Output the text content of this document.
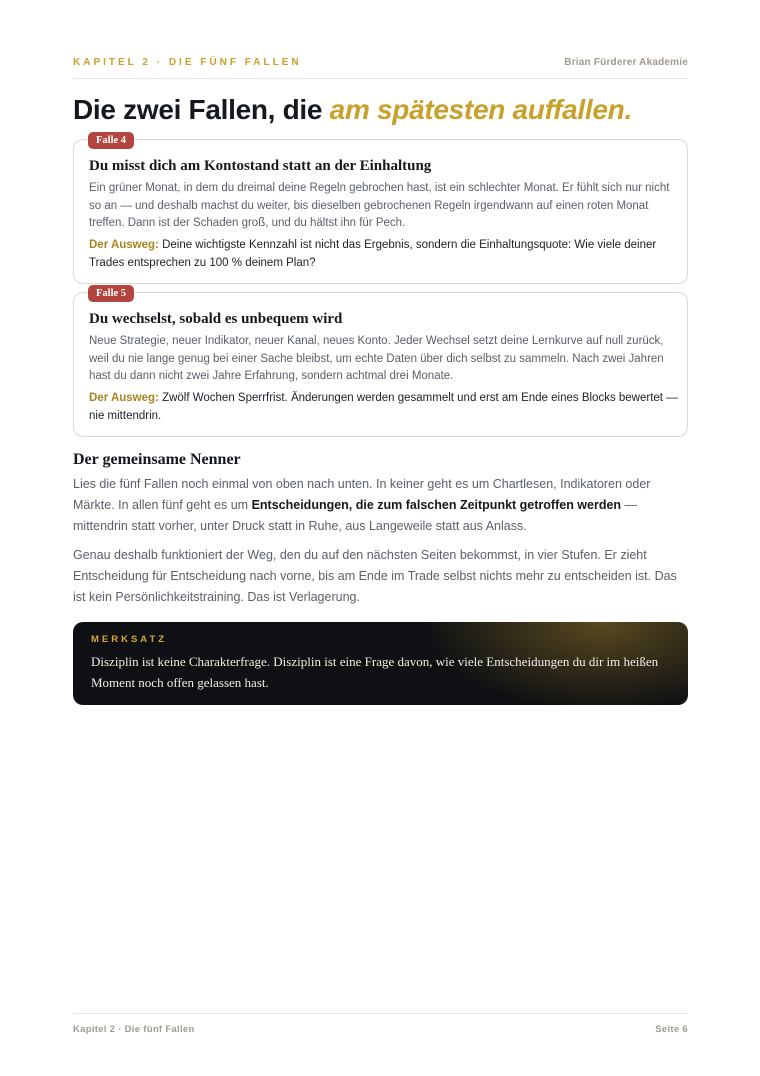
KAPITEL 2 · DIE FÜNF FALLEN	Brian Fürderer Akademie
Die zwei Fallen, die am spätesten auffallen.
Falle 4
Du misst dich am Kontostand statt an der Einhaltung
Ein grüner Monat, in dem du dreimal deine Regeln gebrochen hast, ist ein schlechter Monat. Er fühlt sich nur nicht so an — und deshalb machst du weiter, bis dieselben gebrochenen Regeln irgendwann auf einen roten Monat treffen. Dann ist der Schaden groß, und du hältst ihn für Pech.
Der Ausweg: Deine wichtigste Kennzahl ist nicht das Ergebnis, sondern die Einhaltungsquote: Wie viele deiner Trades entsprechen zu 100 % deinem Plan?
Falle 5
Du wechselst, sobald es unbequem wird
Neue Strategie, neuer Indikator, neuer Kanal, neues Konto. Jeder Wechsel setzt deine Lernkurve auf null zurück, weil du nie lange genug bei einer Sache bleibst, um echte Daten über dich selbst zu sammeln. Nach zwei Jahren hast du dann nicht zwei Jahre Erfahrung, sondern achtmal drei Monate.
Der Ausweg: Zwölf Wochen Sperrfrist. Änderungen werden gesammelt und erst am Ende eines Blocks bewertet — nie mittendrin.
Der gemeinsame Nenner

Lies die fünf Fallen noch einmal von oben nach unten. In keiner geht es um Chartlesen, Indikatoren oder Märkte. In allen fünf geht es um Entscheidungen, die zum falschen Zeitpunkt getroffen werden — mittendrin statt vorher, unter Druck statt in Ruhe, aus Langeweile statt aus Anlass.

Genau deshalb funktioniert der Weg, den du auf den nächsten Seiten bekommst, in vier Stufen. Er zieht Entscheidung für Entscheidung nach vorne, bis am Ende im Trade selbst nichts mehr zu entscheiden ist. Das ist kein Persönlichkeitstraining. Das ist Verlagerung.

MERKSATZ
Disziplin ist keine Charakterfrage. Disziplin ist eine Frage davon, wie viele Entscheidungen du dir im heißen Moment noch offen gelassen hast.
Kapitel 2 · Die fünf Fallen	Seite 6
